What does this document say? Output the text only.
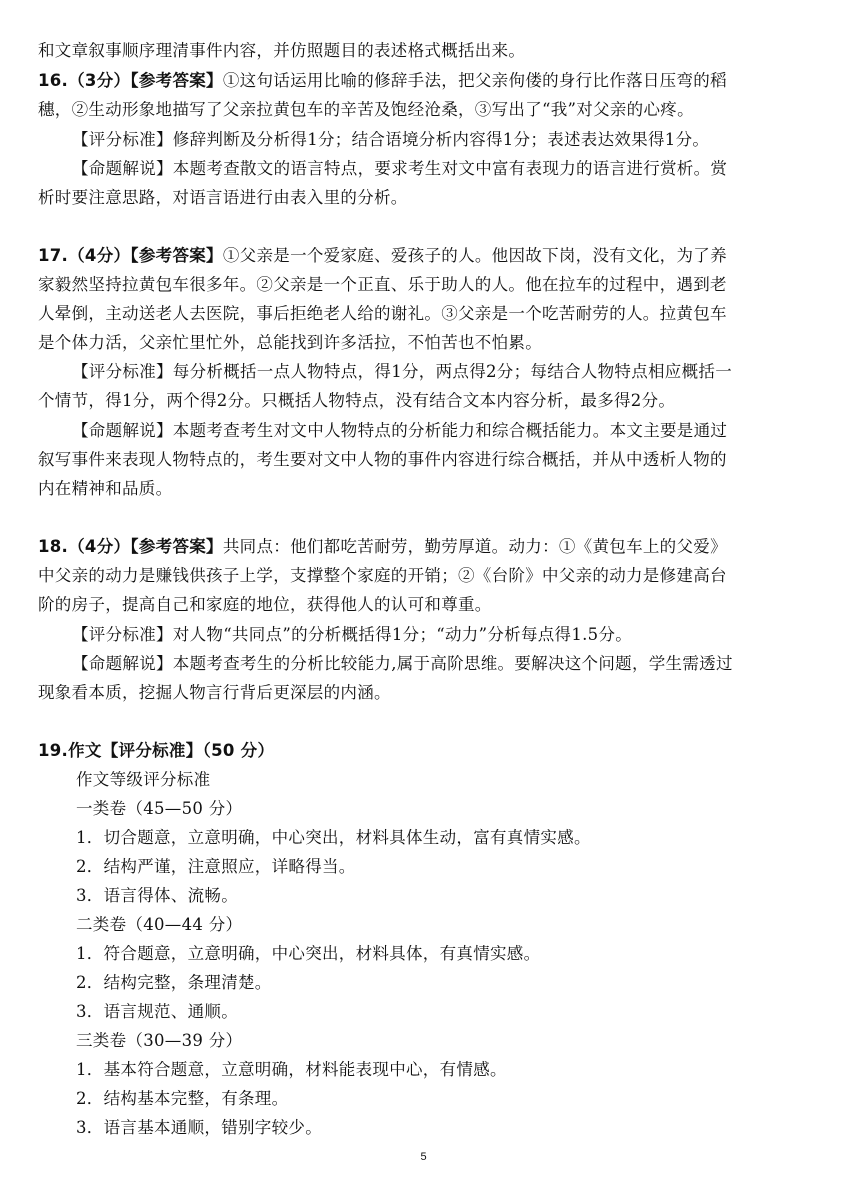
和文章叙事顺序理清事件内容，并仿照题目的表述格式概括出来。
16.（3分）【参考答案】①这句话运用比喻的修辞手法，把父亲佝偻的身行比作落日压弯的稻
穗，②生动形象地描写了父亲拉黄包车的辛苦及饱经沧桑，③写出了“我”对父亲的心疼。
【评分标准】修辞判断及分析得1分；结合语境分析内容得1分；表述表达效果得1分。
【命题解说】本题考查散文的语言特点，要求考生对文中富有表现力的语言进行赏析。赏
析时要注意思路，对语言语进行由表入里的分析。
17.（4分）【参考答案】①父亲是一个爱家庭、爱孩子的人。他因故下岗，没有文化，为了养
家毅然坚持拉黄包车很多年。②父亲是一个正直、乐于助人的人。他在拉车的过程中，遇到老
人晕倒，主动送老人去医院，事后拒绝老人给的谢礼。③父亲是一个吃苦耐劳的人。拉黄包车
是个体力活，父亲忙里忙外，总能找到许多活拉，不怕苦也不怕累。
【评分标准】每分析概括一点人物特点，得1分，两点得2分；每结合人物特点相应概括一
个情节，得1分，两个得2分。只概括人物特点，没有结合文本内容分析，最多得2分。
【命题解说】本题考查考生对文中人物特点的分析能力和综合概括能力。本文主要是通过
叙写事件来表现人物特点的，考生要对文中人物的事件内容进行综合概括，并从中透析人物的
内在精神和品质。
18.（4分）【参考答案】共同点：他们都吃苦耐劳，勤劳厚道。动力：①《黄包车上的父爱》
中父亲的动力是赚钱供孩子上学，支撑整个家庭的开销；②《台阶》中父亲的动力是修建高台
阶的房子，提高自己和家庭的地位，获得他人的认可和尊重。
【评分标准】对人物“共同点”的分析概括得1分；“动力”分析每点得1.5分。
【命题解说】本题考查考生的分析比较能力,属于高阶思维。要解决这个问题，学生需透过
现象看本质，挖掘人物言行背后更深层的内涵。
19.作文【评分标准】（50 分）
作文等级评分标准
一类卷（45—50 分）
1．切合题意，立意明确，中心突出，材料具体生动，富有真情实感。
2．结构严谨，注意照应，详略得当。
3．语言得体、流畅。
二类卷（40—44 分）
1．符合题意，立意明确，中心突出，材料具体，有真情实感。
2．结构完整，条理清楚。
3．语言规范、通顺。
三类卷（30—39 分）
1．基本符合题意，立意明确，材料能表现中心，有情感。
2．结构基本完整，有条理。
3．语言基本通顺，错别字较少。
5
